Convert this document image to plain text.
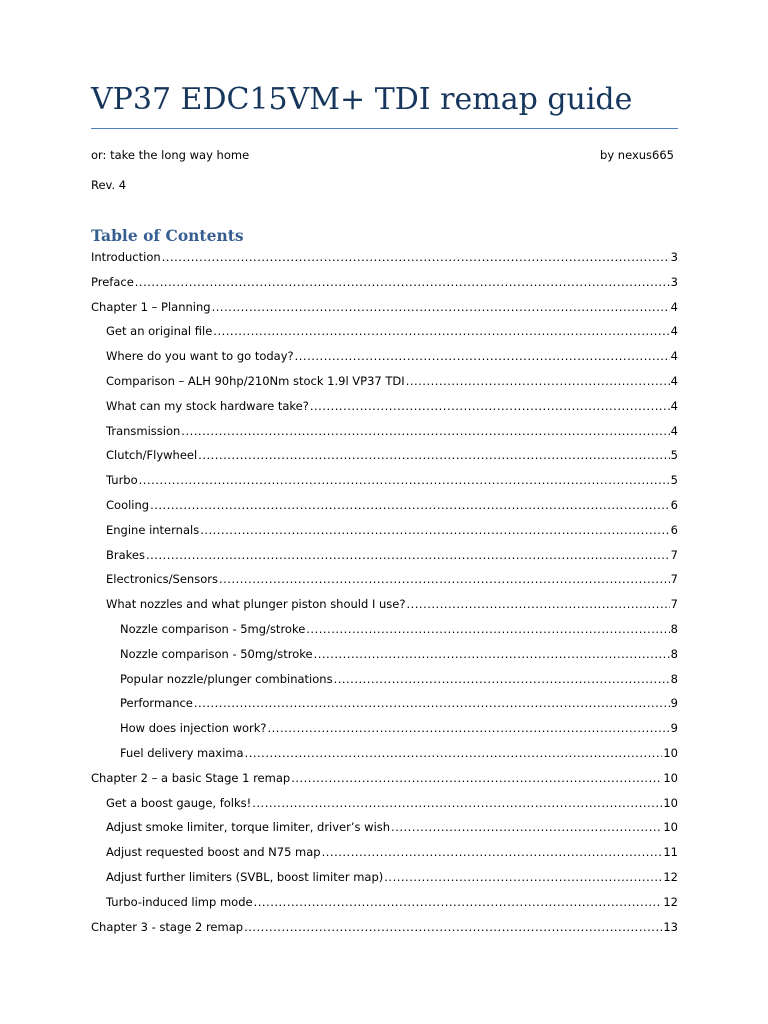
VP37 EDC15VM+ TDI remap guide
or: take the long way home	by nexus665
Rev. 4
Table of Contents
Introduction .....	3
Preface .....	3
Chapter 1 – Planning .....	4
Get an original file .....	4
Where do you want to go today? .....	4
Comparison – ALH 90hp/210Nm stock 1.9l VP37 TDI .....	4
What can my stock hardware take? .....	4
Transmission .....	4
Clutch/Flywheel .....	5
Turbo .....	5
Cooling .....	6
Engine internals .....	6
Brakes .....	7
Electronics/Sensors .....	7
What nozzles and what plunger piston should I use? .....	7
Nozzle comparison - 5mg/stroke .....	8
Nozzle comparison - 50mg/stroke .....	8
Popular nozzle/plunger combinations .....	8
Performance .....	9
How does injection work? .....	9
Fuel delivery maxima .....	10
Chapter 2 – a basic Stage 1 remap .....	10
Get a boost gauge, folks! .....	10
Adjust smoke limiter, torque limiter, driver’s wish .....	10
Adjust requested boost and N75 map .....	11
Adjust further limiters (SVBL, boost limiter map) .....	12
Turbo-induced limp mode .....	12
Chapter 3 - stage 2 remap .....	13
